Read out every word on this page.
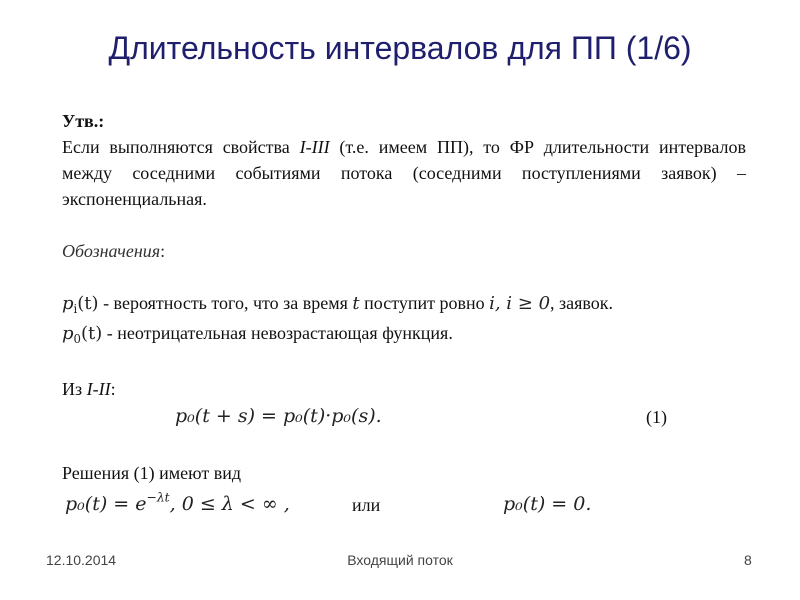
Длительность интервалов для ПП (1/6)
Утв.:
Если выполняются свойства I-III (т.е. имеем ПП), то ФР длительности интервалов между соседними событиями потока (соседними поступлениями заявок) – экспоненциальная.
Обозначения:
$p_i(t)$ - вероятность того, что за время t поступит ровно i, i ≥ 0, заявок.
$p_0(t)$ - неотрицательная невозрастающая функция.
Из I-II:
p₀(t + s) = p₀(t)·p₀(s).	(1)
Решения (1) имеют вид
$p_0(t) = e^{-\lambda t}$, 0 ≤ λ < ∞ ,	или	p₀(t) = 0.
12.10.2014	Входящий поток	8
